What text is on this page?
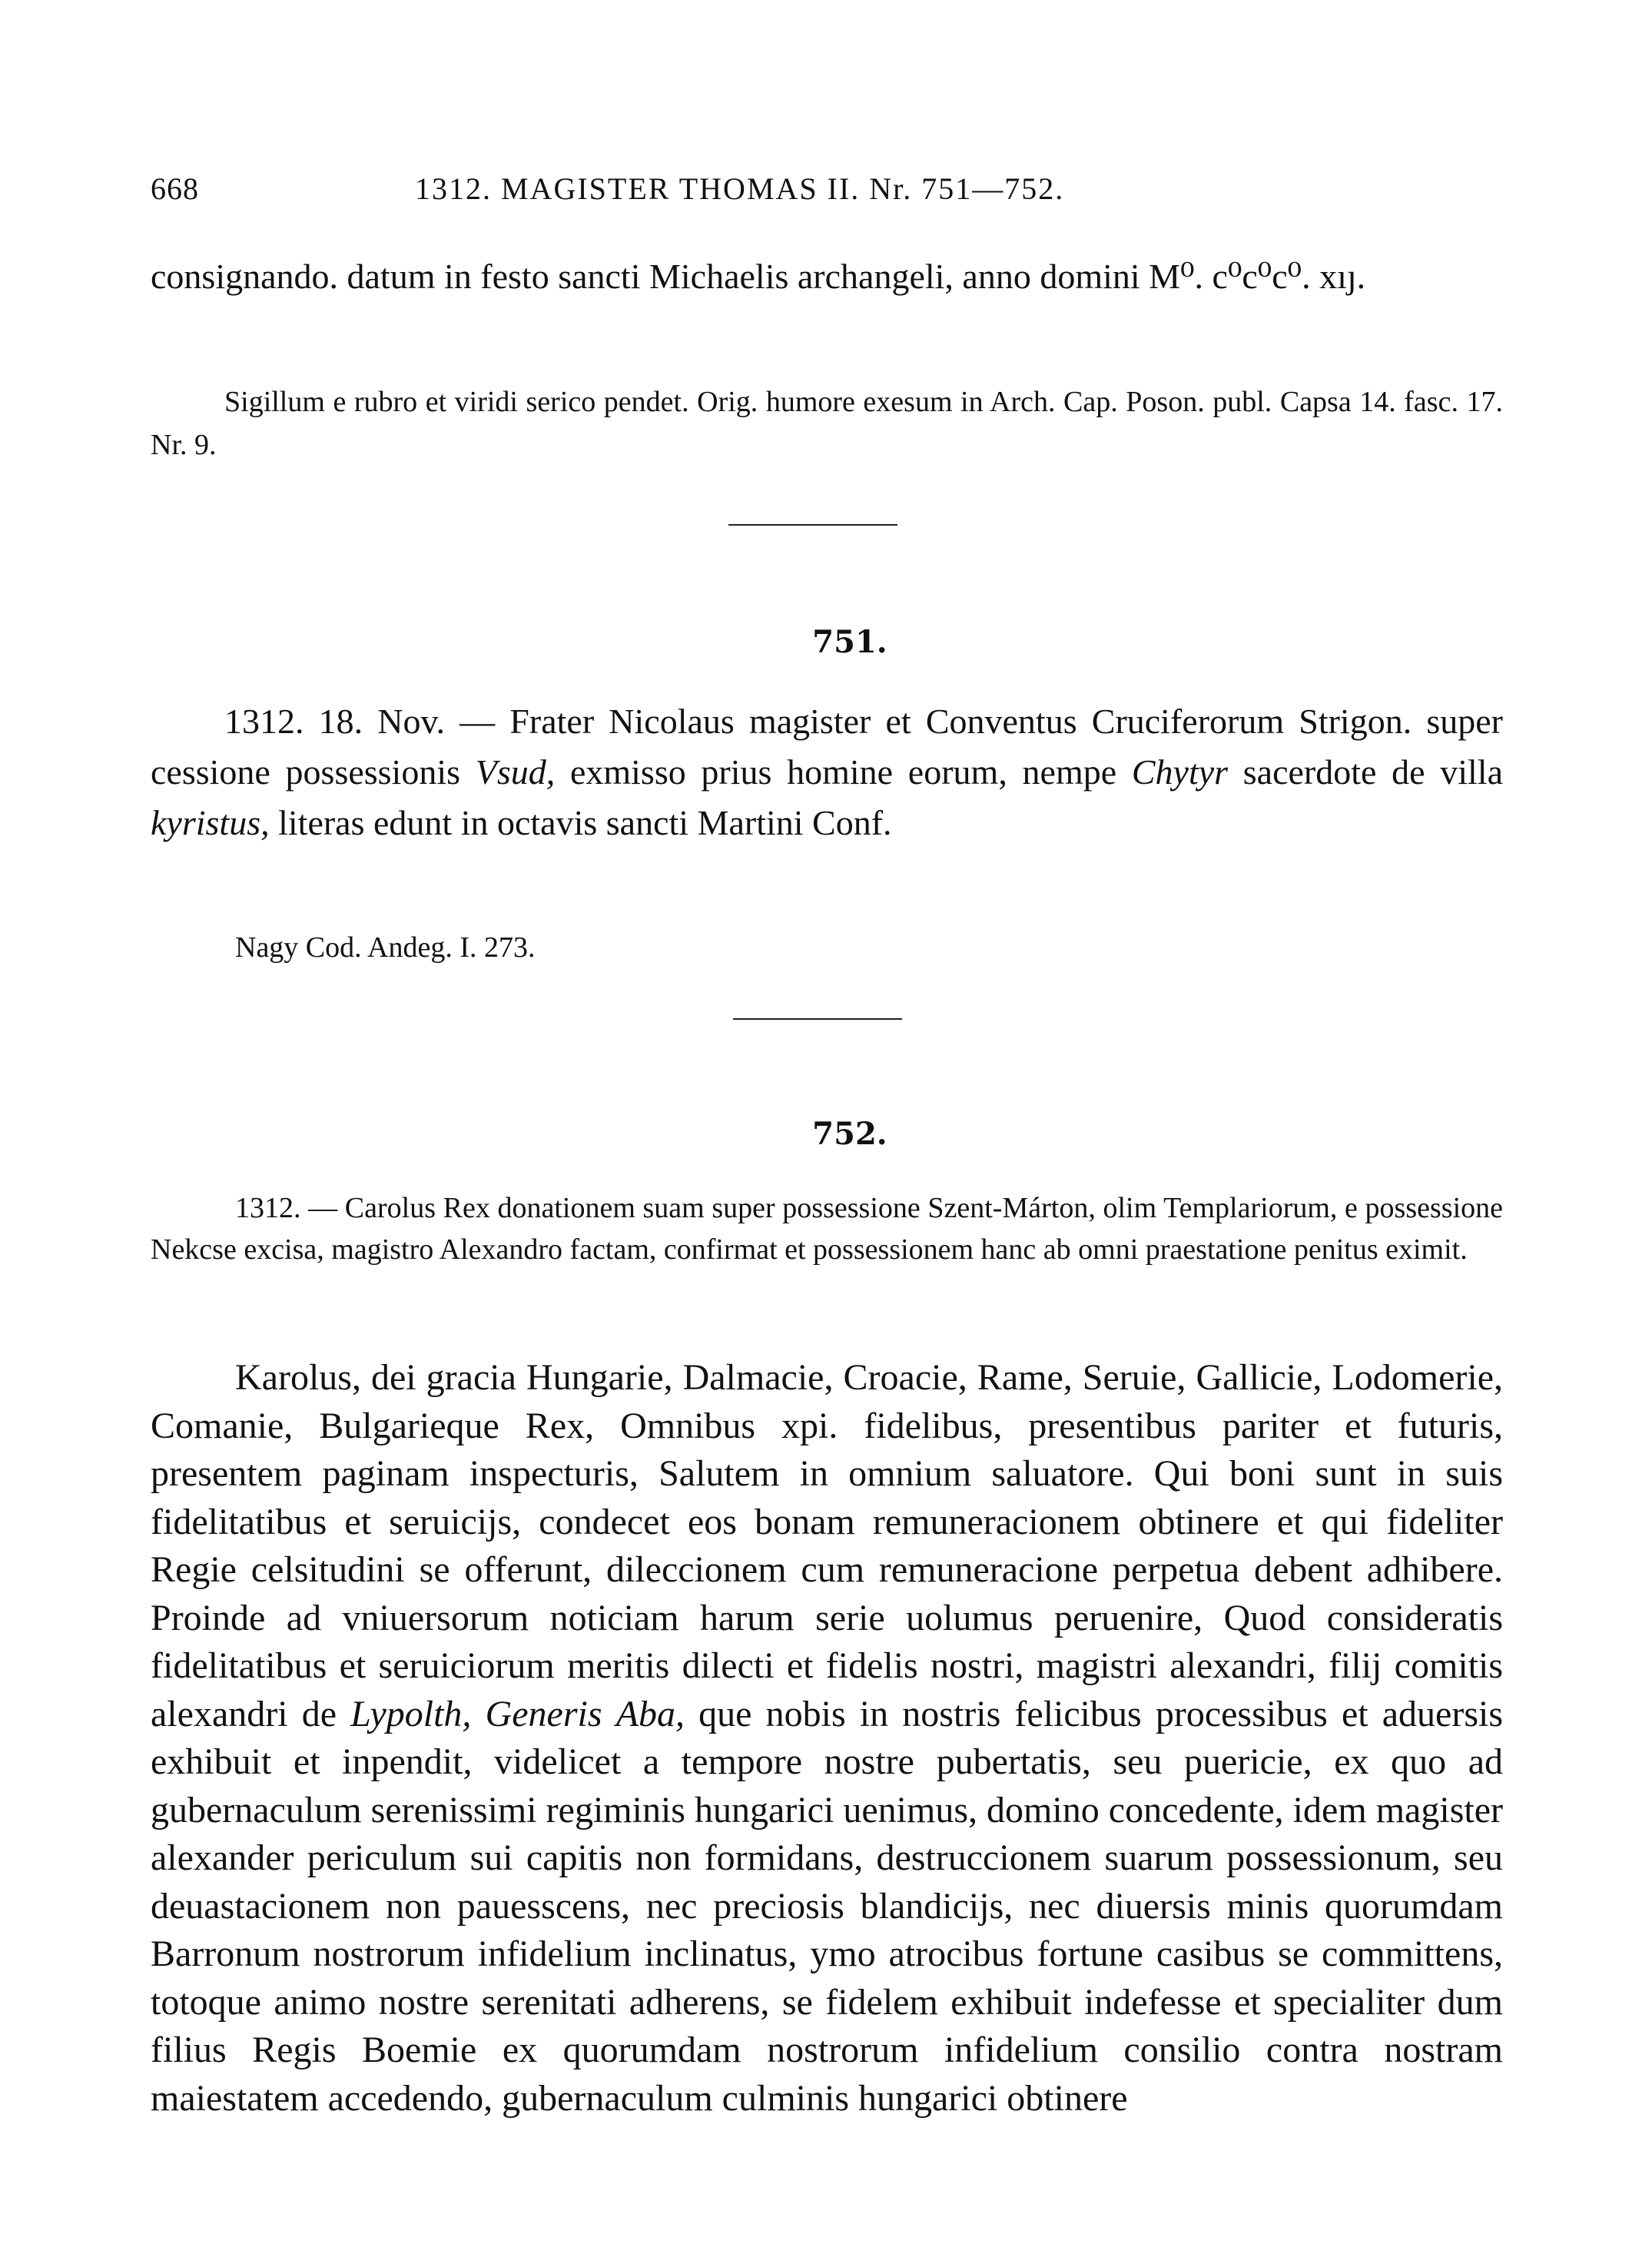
668	1312. MAGISTER THOMAS II. Nr. 751—752.

consignando. datum in festo sancti Michaelis archangeli, anno domini M⁰. c⁰c⁰c⁰. xıȷ.

Sigillum e rubro et viridi serico pendet. Orig. humore exesum in Arch. Cap. Poson. publ. Capsa 14. fasc. 17. Nr. 9.

751.

1312. 18. Nov. — Frater Nicolaus magister et Conventus Cruciferorum Strigon. super cessione possessionis Vsud, exmisso prius homine eorum, nempe Chytyr sacerdote de villa kyristus, literas edunt in octavis sancti Martini Conf.

Nagy Cod. Andeg. I. 273.

752.

1312. — Carolus Rex donationem suam super possessione Szent-Márton, olim Templariorum, e possessione Nekcse excisa, magistro Alexandro factam, confirmat et possessionem hanc ab omni praestatione penitus eximit.

Karolus, dei gracia Hungarie, Dalmacie, Croacie, Rame, Seruie, Gallicie, Lodomerie, Comanie, Bulgarieque Rex, Omnibus xpi. fidelibus, presentibus pariter et futuris, presentem paginam inspecturis, Salutem in omnium saluatore. Qui boni sunt in suis fidelitatibus et seruicijs, condecet eos bonam remuneracionem obtinere et qui fideliter Regie celsitudini se offerunt, dileccionem cum remuneracione perpetua debent adhibere. Proinde ad vniuersorum noticiam harum serie uolumus peruenire, Quod consideratis fidelitatibus et seruiciorum meritis dilecti et fidelis nostri, magistri alexandri, filij comitis alexandri de Lypolth, Generis Aba, que nobis in nostris felicibus processibus et aduersis exhibuit et inpendit, videlicet a tempore nostre pubertatis, seu puericie, ex quo ad gubernaculum serenissimi regiminis hungarici uenimus, domino concedente, idem magister alexander periculum sui capitis non formidans, destruccionem suarum possessionum, seu deuastacionem non pauesscens, nec preciosis blandicijs, nec diuersis minis quorumdam Barronum nostrorum infidelium inclinatus, ymo atrocibus fortune casibus se committens, totoque animo nostre serenitati adherens, se fidelem exhibuit indefesse et specialiter dum filius Regis Boemie ex quorumdam nostrorum infidelium consilio contra nostram maiestatem accedendo, gubernaculum culminis hungarici obtinere
